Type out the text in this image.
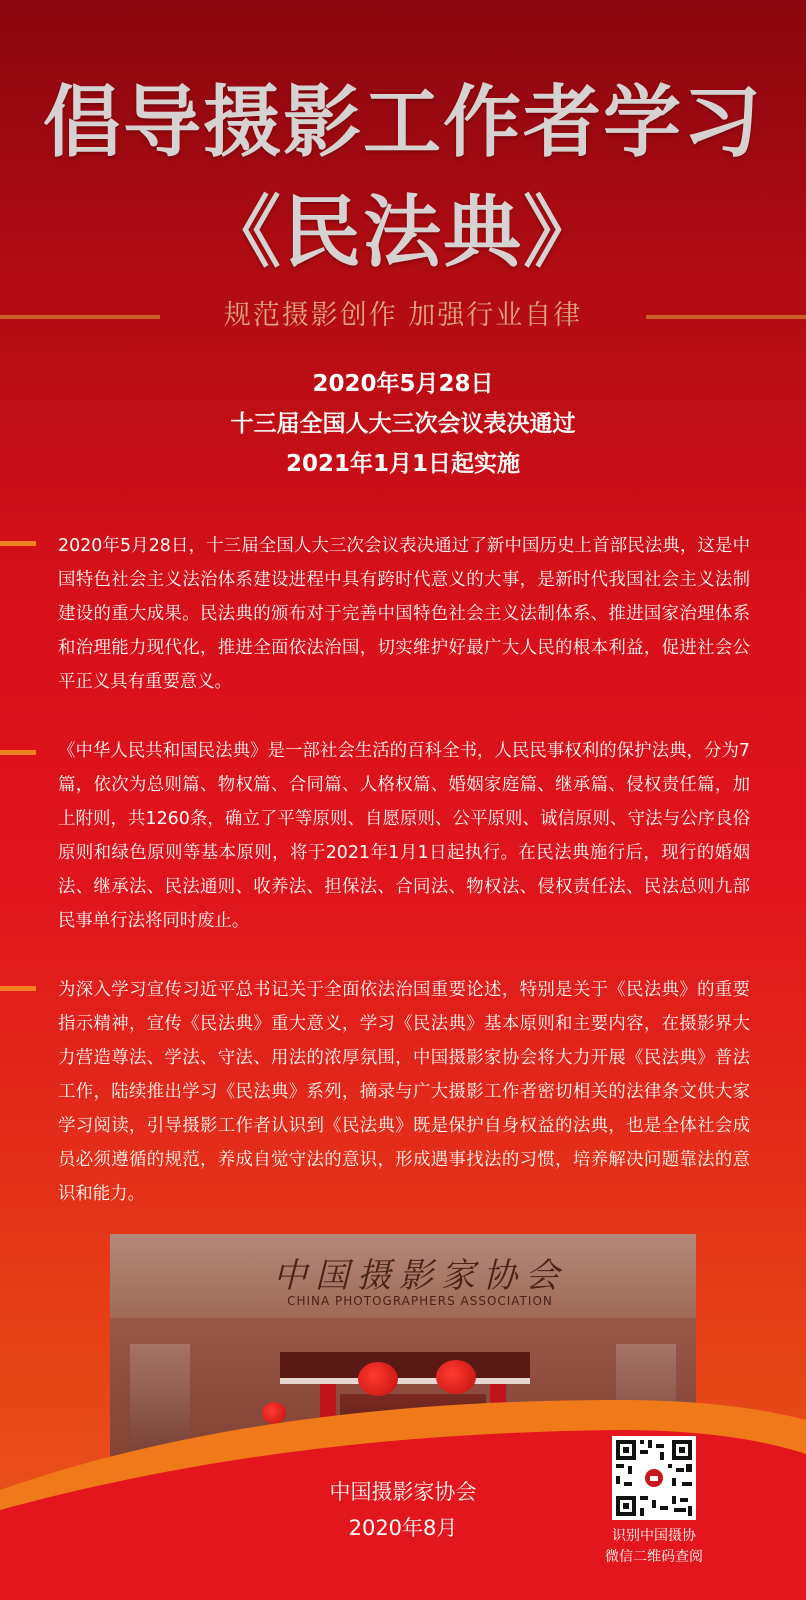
倡导摄影工作者学习
《民法典》
规范摄影创作 加强行业自律
2020年5月28日
十三届全国人大三次会议表决通过
2021年1月1日起实施

2020年5月28日，十三届全国人大三次会议表决通过了新中国历史上首部民法典，这是中国特色社会主义法治体系建设进程中具有跨时代意义的大事，是新时代我国社会主义法制建设的重大成果。民法典的颁布对于完善中国特色社会主义法制体系、推进国家治理体系和治理能力现代化，推进全面依法治国，切实维护好最广大人民的根本利益，促进社会公平正义具有重要意义。

《中华人民共和国民法典》是一部社会生活的百科全书，人民民事权利的保护法典，分为7篇，依次为总则篇、物权篇、合同篇、人格权篇、婚姻家庭篇、继承篇、侵权责任篇，加上附则，共1260条，确立了平等原则、自愿原则、公平原则、诚信原则、守法与公序良俗原则和绿色原则等基本原则，将于2021年1月1日起执行。在民法典施行后，现行的婚姻法、继承法、民法通则、收养法、担保法、合同法、物权法、侵权责任法、民法总则九部民事单行法将同时废止。

为深入学习宣传习近平总书记关于全面依法治国重要论述，特别是关于《民法典》的重要指示精神，宣传《民法典》重大意义，学习《民法典》基本原则和主要内容，在摄影界大力营造尊法、学法、守法、用法的浓厚氛围，中国摄影家协会将大力开展《民法典》普法工作，陆续推出学习《民法典》系列，摘录与广大摄影工作者密切相关的法律条文供大家学习阅读，引导摄影工作者认识到《民法典》既是保护自身权益的法典，也是全体社会成员必须遵循的规范，养成自觉守法的意识，形成遇事找法的习惯，培养解决问题靠法的意识和能力。

中国摄影家协会
CHINA PHOTOGRAPHERS ASSOCIATION
中国摄影家协会
2020年8月	识别中国摄协
微信二维码查阅
